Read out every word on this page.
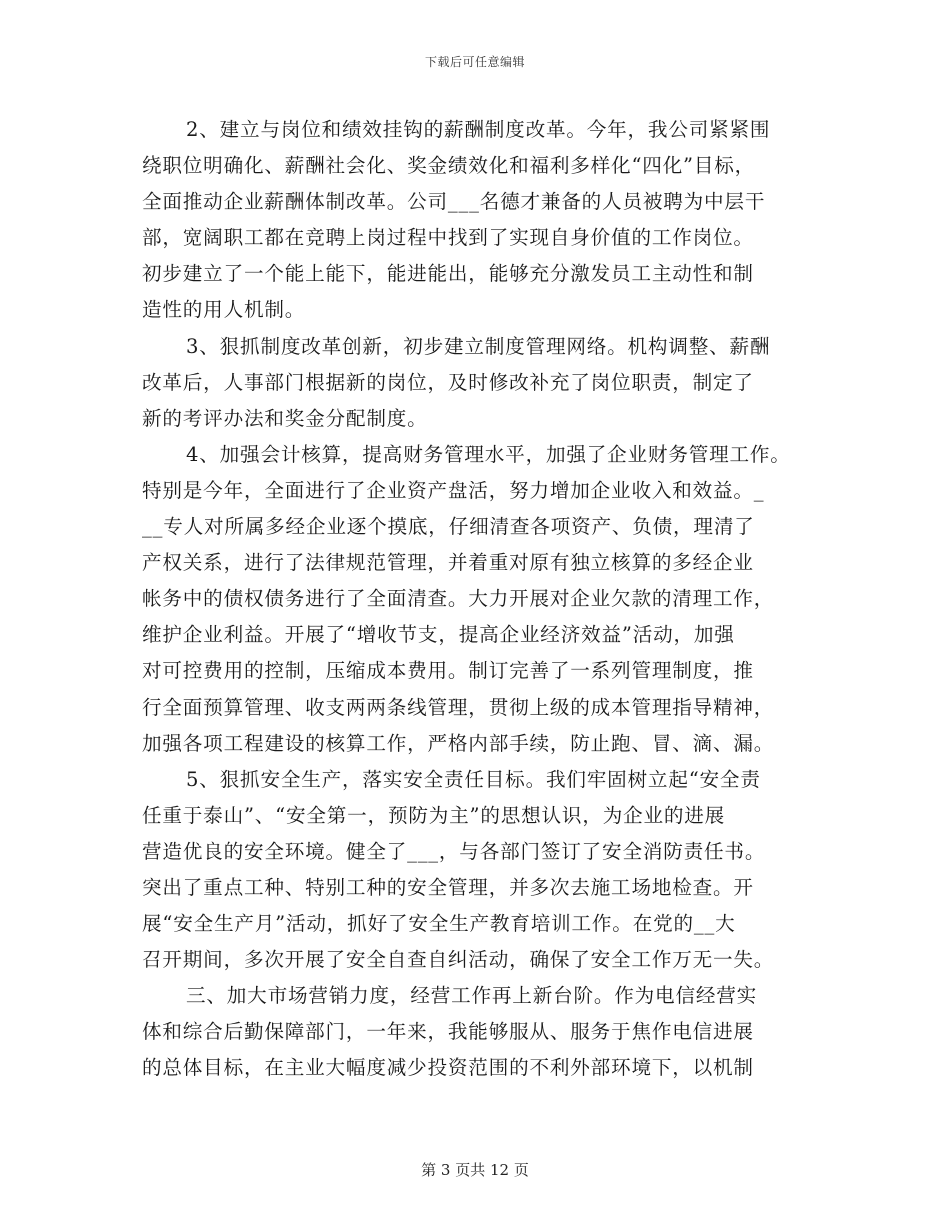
下载后可任意编辑
2、建立与岗位和绩效挂钩的薪酬制度改革。今年，我公司紧紧围
绕职位明确化、薪酬社会化、奖金绩效化和福利多样化“四化”目标，
全面推动企业薪酬体制改革。公司___名德才兼备的人员被聘为中层干
部，宽阔职工都在竞聘上岗过程中找到了实现自身价值的工作岗位。
初步建立了一个能上能下，能进能出，能够充分激发员工主动性和制
造性的用人机制。
3、狠抓制度改革创新，初步建立制度管理网络。机构调整、薪酬
改革后，人事部门根据新的岗位，及时修改补充了岗位职责，制定了
新的考评办法和奖金分配制度。
4、加强会计核算，提高财务管理水平，加强了企业财务管理工作。
特别是今年，全面进行了企业资产盘活，努力增加企业收入和效益。_
__专人对所属多经企业逐个摸底，仔细清查各项资产、负债，理清了
产权关系，进行了法律规范管理，并着重对原有独立核算的多经企业
帐务中的债权债务进行了全面清查。大力开展对企业欠款的清理工作，
维护企业利益。开展了“增收节支，提高企业经济效益”活动，加强
对可控费用的控制，压缩成本费用。制订完善了一系列管理制度，推
行全面预算管理、收支两两条线管理，贯彻上级的成本管理指导精神，
加强各项工程建设的核算工作，严格内部手续，防止跑、冒、滴、漏。
5、狠抓安全生产，落实安全责任目标。我们牢固树立起“安全责
任重于泰山”、“安全第一，预防为主”的思想认识，为企业的进展
营造优良的安全环境。健全了___，与各部门签订了安全消防责任书。
突出了重点工种、特别工种的安全管理，并多次去施工场地检查。开
展“安全生产月”活动，抓好了安全生产教育培训工作。在党的__大
召开期间，多次开展了安全自查自纠活动，确保了安全工作万无一失。
三、加大市场营销力度，经营工作再上新台阶。作为电信经营实
体和综合后勤保障部门，一年来，我能够服从、服务于焦作电信进展
的总体目标，在主业大幅度减少投资范围的不利外部环境下，以机制
第 3 页共 12 页
